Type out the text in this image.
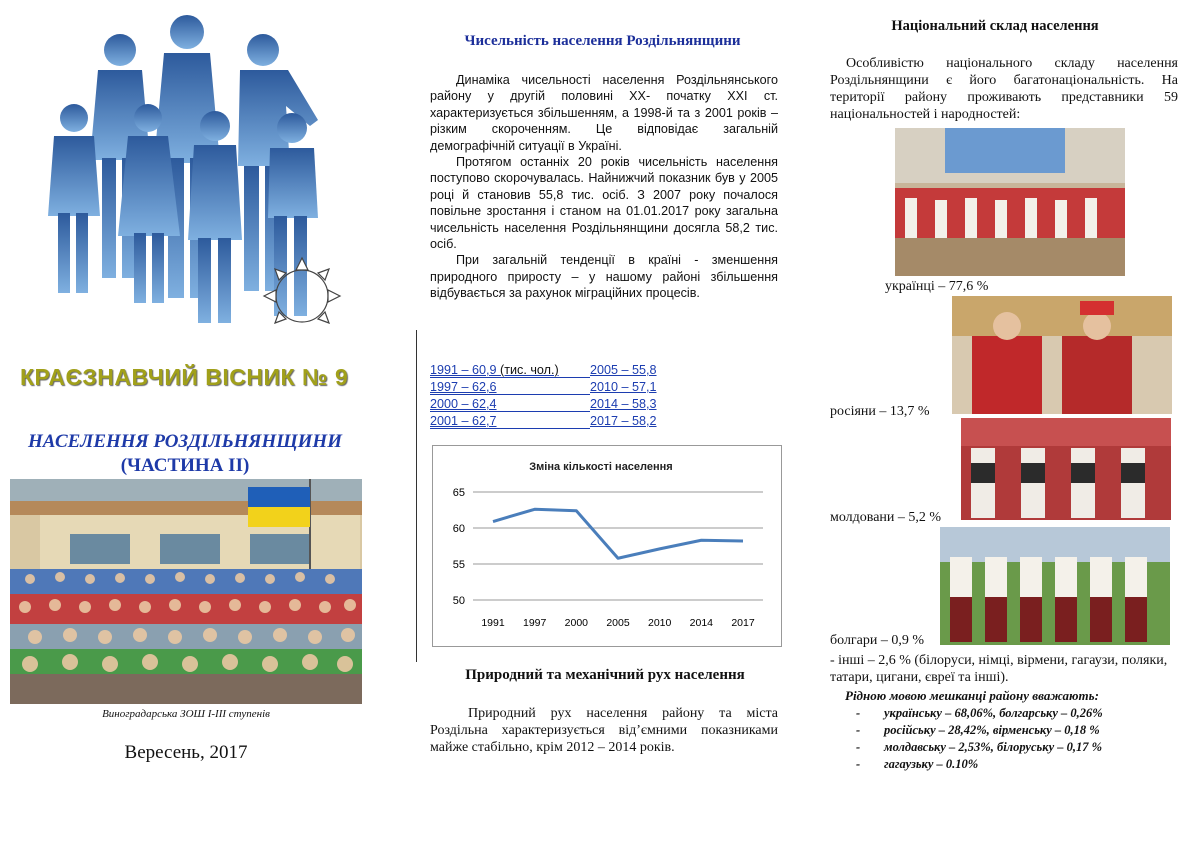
КРАЄЗНАВЧИЙ ВІСНИК № 9
НАСЕЛЕННЯ РОЗДІЛЬНЯНЩИНИ
(ЧАСТИНА ІІ)
Виноградарська ЗОШ І-ІІІ ступенів
Вересень, 2017
Чисельність населення Роздільнянщини

Динаміка чисельності населення Роздільнянського району у другій половині ХХ- початку XXI ст. характеризується збільшенням, а 1998-й та з 2001 років – різким скороченням. Це відповідає загальній демографічній ситуації в Україні.

Протягом останніх 20 років чисельність населення поступово скорочувалась. Найнижчий показник був у 2005 році й становив 55,8 тис. осіб. З 2007 року почалося повільне зростання і станом на 01.01.2017 року загальна чисельність населення Роздільнянщини досягла 58,2 тис. осіб.

При загальній тенденції в країні - зменшення природного приросту – у нашому районі збільшення відбувається за рахунок міграційних процесів.

1991 – 60,9 (тис. чол.) 2005 – 55,8
1997 – 62,6	2010 – 57,1
2000 – 62,4	2014 – 58,3
2001 – 62,7	2017 – 58,2
Зміна кількості населення
50
55
60
65
1991 1997 2000 2005 2010 2014 2017
Природний та механічний рух населення

Природний рух населення району та міста Роздільна характеризується від’ємними показниками майже стабільно, крім 2012 – 2014 років.

Національний склад населення

Особливістю національного складу населення Роздільнянщини є його багатонаціональність. На території району проживають представники 59 національностей і народностей:

українці – 77,6 %
росіяни – 13,7 %
молдовани – 5,2 %
болгари – 0,9 %
- інші – 2,6 % (білоруси, німці, вірмени, гагаузи, поляки, татари, цигани, євреї та інші).
Рідною мовою мешканці району вважають:
- українську – 68,06%, болгарську – 0,26%
- російську – 28,42%, вірменську – 0,18 %
- молдавську – 2,53%, білоруську – 0,17 %
- гагаузьку – 0.10%
